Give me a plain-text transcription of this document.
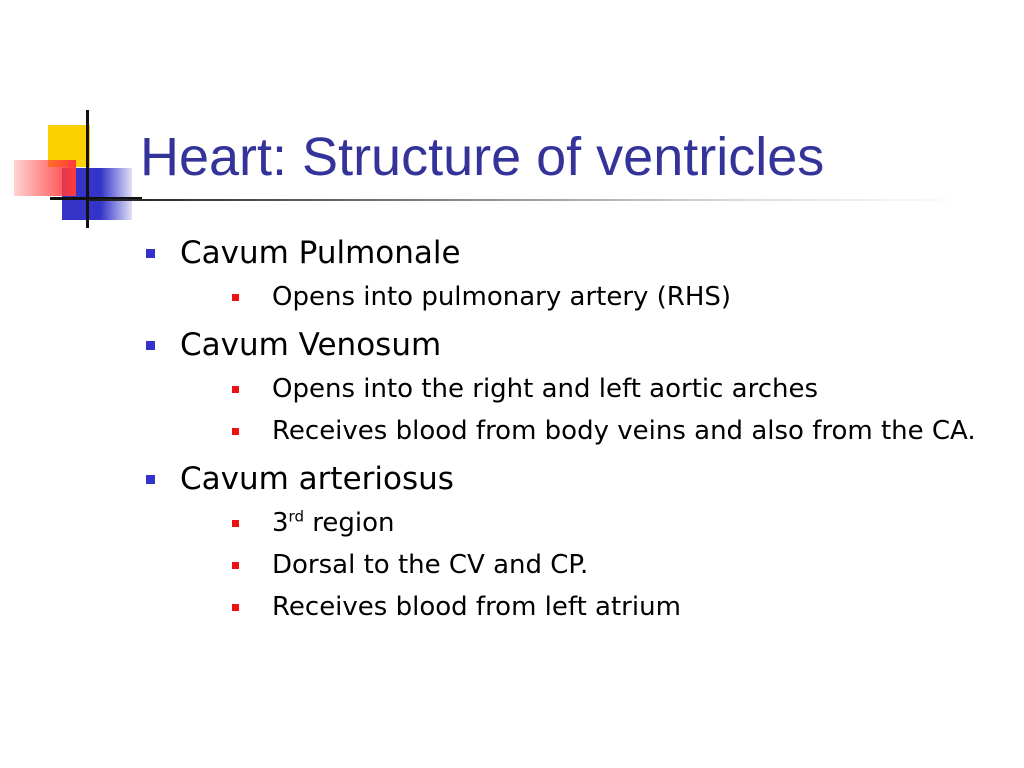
Heart: Structure of ventricles
Cavum Pulmonale
Opens into pulmonary artery (RHS)
Cavum Venosum
Opens into the right and left aortic arches
Receives blood from body veins and also from the CA.
Cavum arteriosus
3rd region
Dorsal to the CV and CP.
Receives blood from left atrium
